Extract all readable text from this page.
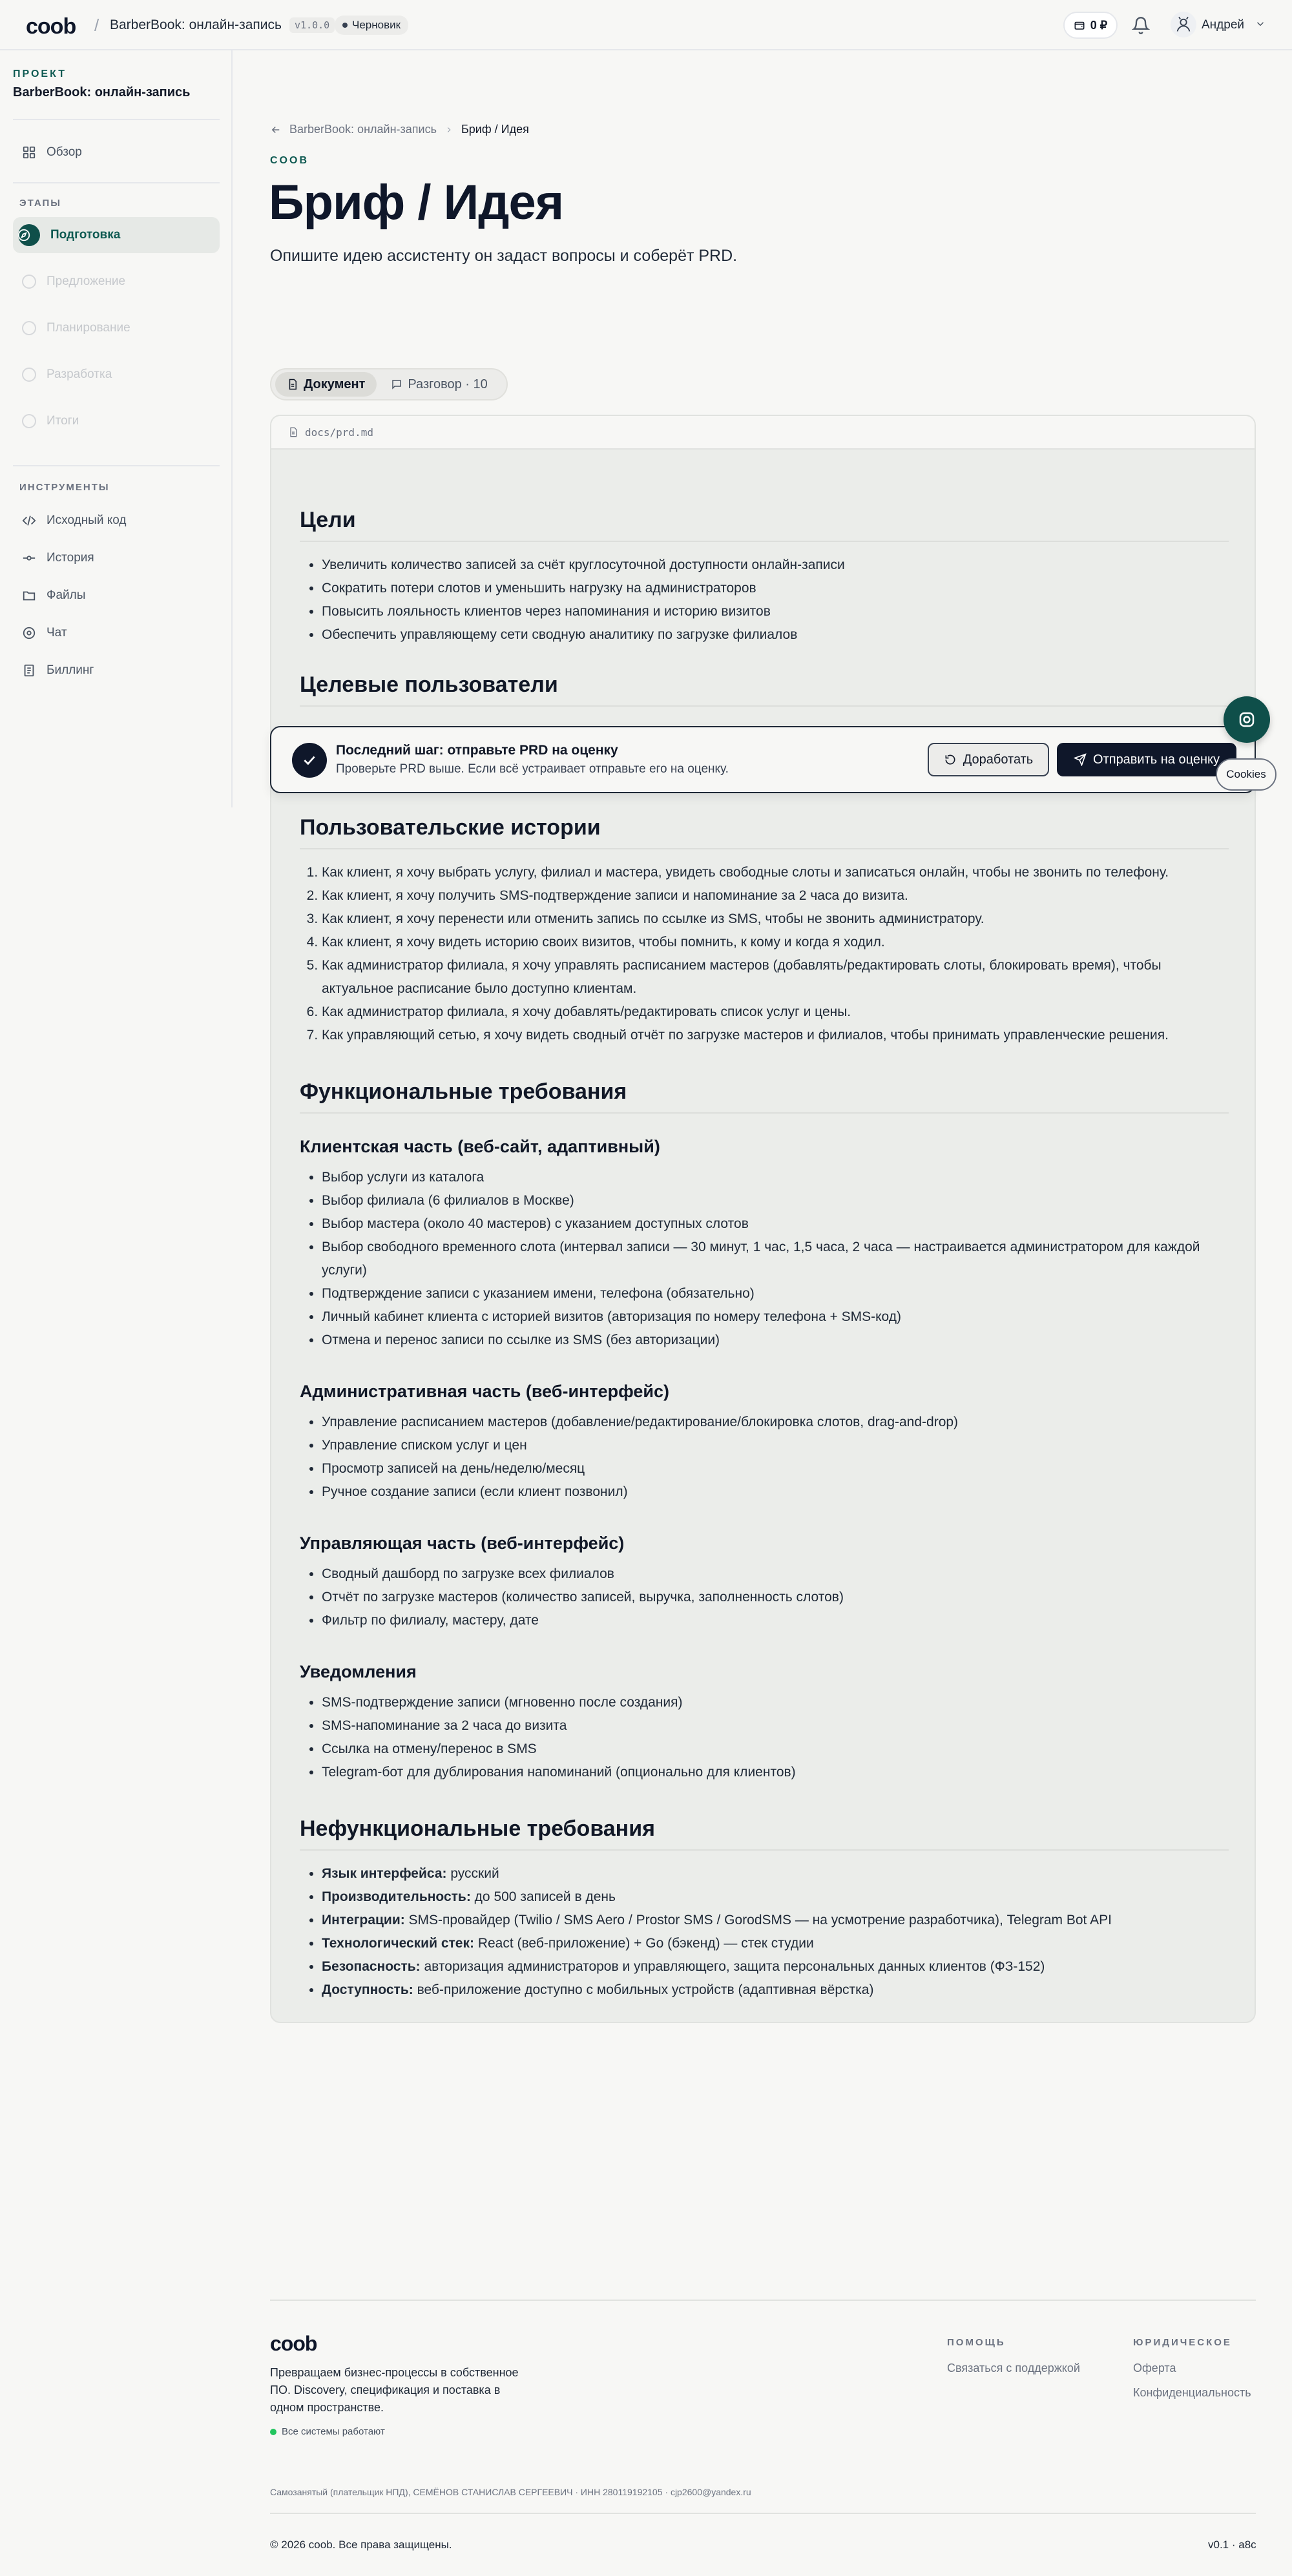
coob / BarberBook: онлайн-запись	v1.0.0	Черновик	0 ₽	Андрей
ПРОЕКТ
BarberBook: онлайн-запись
Обзор
ЭТАПЫ
Подготовка
Предложение
Планирование
Разработка
Итоги
ИНСТРУМЕНТЫ
Исходный код
История
Файлы
Чат
Биллинг
BarberBook: онлайн-запись Бриф / Идея
COOB
Бриф / Идея
Опишите идею ассистенту он задаст вопросы и соберёт PRD.
Документ	Разговор · 10
docs/prd.md
Цели
• Увеличить количество записей за счёт круглосуточной доступности онлайн-записи
• Сократить потери слотов и уменьшить нагрузку на администраторов
• Повысить лояльность клиентов через напоминания и историю визитов
• Обеспечить управляющему сети сводную аналитику по загрузке филиалов
Целевые пользователи
Пользовательские истории
1. Как клиент, я хочу выбрать услугу, филиал и мастера, увидеть свободные слоты и записаться онлайн, чтобы не звонить по телефону.
2. Как клиент, я хочу получить SMS-подтверждение записи и напоминание за 2 часа до визита.
3. Как клиент, я хочу перенести или отменить запись по ссылке из SMS, чтобы не звонить администратору.
4. Как клиент, я хочу видеть историю своих визитов, чтобы помнить, к кому и когда я ходил.
5. Как администратор филиала, я хочу управлять расписанием мастеров (добавлять/редактировать слоты, блокировать время), чтобы актуальное расписание было доступно клиентам.
6. Как администратор филиала, я хочу добавлять/редактировать список услуг и цены.
7. Как управляющий сетью, я хочу видеть сводный отчёт по загрузке мастеров и филиалов, чтобы принимать управленческие решения.
Функциональные требования
Клиентская часть (веб-сайт, адаптивный)
• Выбор услуги из каталога
• Выбор филиала (6 филиалов в Москве)
• Выбор мастера (около 40 мастеров) с указанием доступных слотов
• Выбор свободного временного слота (интервал записи — 30 минут, 1 час, 1,5 часа, 2 часа — настраивается администратором для каждой услуги)
• Подтверждение записи с указанием имени, телефона (обязательно)
• Личный кабинет клиента с историей визитов (авторизация по номеру телефона + SMS-код)
• Отмена и перенос записи по ссылке из SMS (без авторизации)
Административная часть (веб-интерфейс)
• Управление расписанием мастеров (добавление/редактирование/блокировка слотов, drag-and-drop)
• Управление списком услуг и цен
• Просмотр записей на день/неделю/месяц
• Ручное создание записи (если клиент позвонил)
Управляющая часть (веб-интерфейс)
• Сводный дашборд по загрузке всех филиалов
• Отчёт по загрузке мастеров (количество записей, выручка, заполненность слотов)
• Фильтр по филиалу, мастеру, дате
Уведомления
• SMS-подтверждение записи (мгновенно после создания)
• SMS-напоминание за 2 часа до визита
• Ссылка на отмену/перенос в SMS
• Telegram-бот для дублирования напоминаний (опционально для клиентов)
Нефункциональные требования
• Язык интерфейса: русский
• Производительность: до 500 записей в день
• Интеграции: SMS-провайдер (Twilio / SMS Aero / Prostor SMS / GorodSMS — на усмотрение разработчика), Telegram Bot API
• Технологический стек: React (веб-приложение) + Go (бэкенд) — стек студии
• Безопасность: авторизация администраторов и управляющего, защита персональных данных клиентов (ФЗ-152)
• Доступность: веб-приложение доступно с мобильных устройств (адаптивная вёрстка)
Последний шаг: отправьте PRD на оценку
Проверьте PRD выше. Если всё устраивает отправьте его на оценку.
Доработать	Отправить на оценку
Cookies
coob
Превращаем бизнес-процессы в собственное ПО. Discovery, спецификация и поставка в одном пространстве.
Все системы работают
ПОМОЩЬ
Связаться с поддержкой
ЮРИДИЧЕСКОЕ
Оферта
Конфиденциальность
Самозанятый (плательщик НПД), СЕМЁНОВ СТАНИСЛАВ СЕРГЕЕВИЧ · ИНН 280119192105 · cjp2600@yandex.ru
© 2026 coob. Все права защищены.	v0.1 · a8c
